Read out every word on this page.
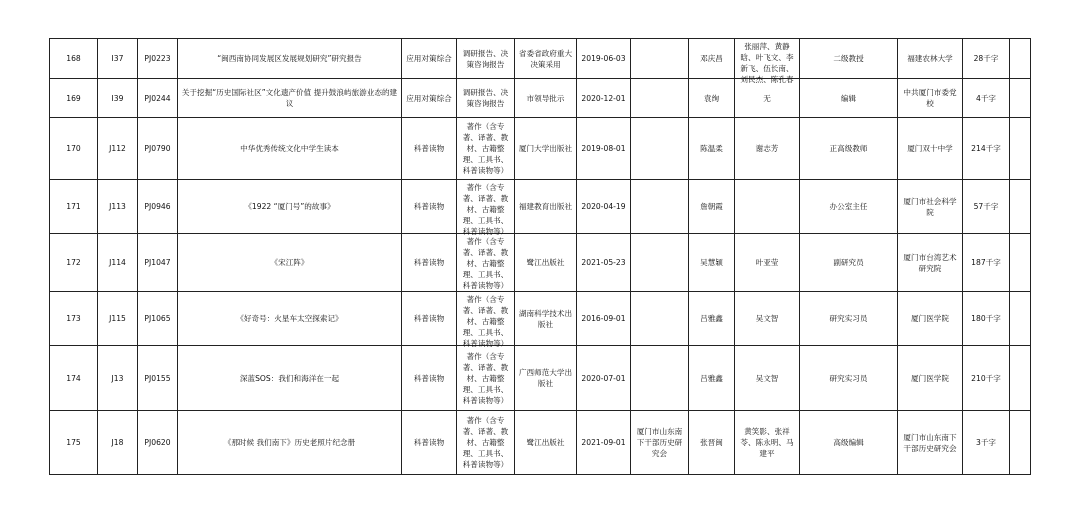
168	I37	PJ0223	“闽西南协同发展区发展规划研究”研究报告	应用对策综合	调研报告、决策咨询报告	省委省政府重大决策采用	2019-06-03		邓庆昌	张丽萍、黄静晗、叶飞文、李新飞、伍长南、刘民杰、陈孔春	二级教授	福建农林大学	28千字	

169	I39	PJ0244	关于挖掘“历史国际社区”文化遗产价值 提升鼓浪屿旅游业态的建议	应用对策综合	调研报告、决策咨询报告	市领导批示	2020-12-01		袁绚	无	编辑	中共厦门市委党校	4千字	

170	J112	PJ0790	中华优秀传统文化中学生读本	科普读物	著作（含专著、译著、教材、古籍整理、工具书、科普读物等）	厦门大学出版社	2019-08-01		陈温柔	谢志芳	正高级教师	厦门双十中学	214千字	

171	J113	PJ0946	《1922 “厦门号”的故事》	科普读物	著作（含专著、译著、教材、古籍整理、工具书、科普读物等）	福建教育出版社	2020-04-19		詹朝霞		办公室主任	厦门市社会科学院	57千字	

172	J114	PJ1047	《宋江阵》	科普读物	著作（含专著、译著、教材、古籍整理、工具书、科普读物等）	鹭江出版社	2021-05-23		吴慧颖	叶亚莹	副研究员	厦门市台湾艺术研究院	187千字	

173	J115	PJ1065	《好奇号：火星车太空探索记》	科普读物	著作（含专著、译著、教材、古籍整理、工具书、科普读物等）	湖南科学技术出版社	2016-09-01		吕雅鑫	吴文智	研究实习员	厦门医学院	180千字	

174	J13	PJ0155	深蓝SOS：我们和海洋在一起	科普读物	著作（含专著、译著、教材、古籍整理、工具书、科普读物等）	广西师范大学出版社	2020-07-01		吕雅鑫	吴文智	研究实习员	厦门医学院	210千字	

175	J18	PJ0620	《那时候 我们南下》历史老照片纪念册	科普读物	著作（含专著、译著、教材、古籍整理、工具书、科普读物等）	鹭江出版社	2021-09-01	厦门市山东南下干部历史研究会	张晋闽	黄笑影、张祥苓、陈永明、马建平	高级编辑	厦门市山东南下干部历史研究会	3千字	
